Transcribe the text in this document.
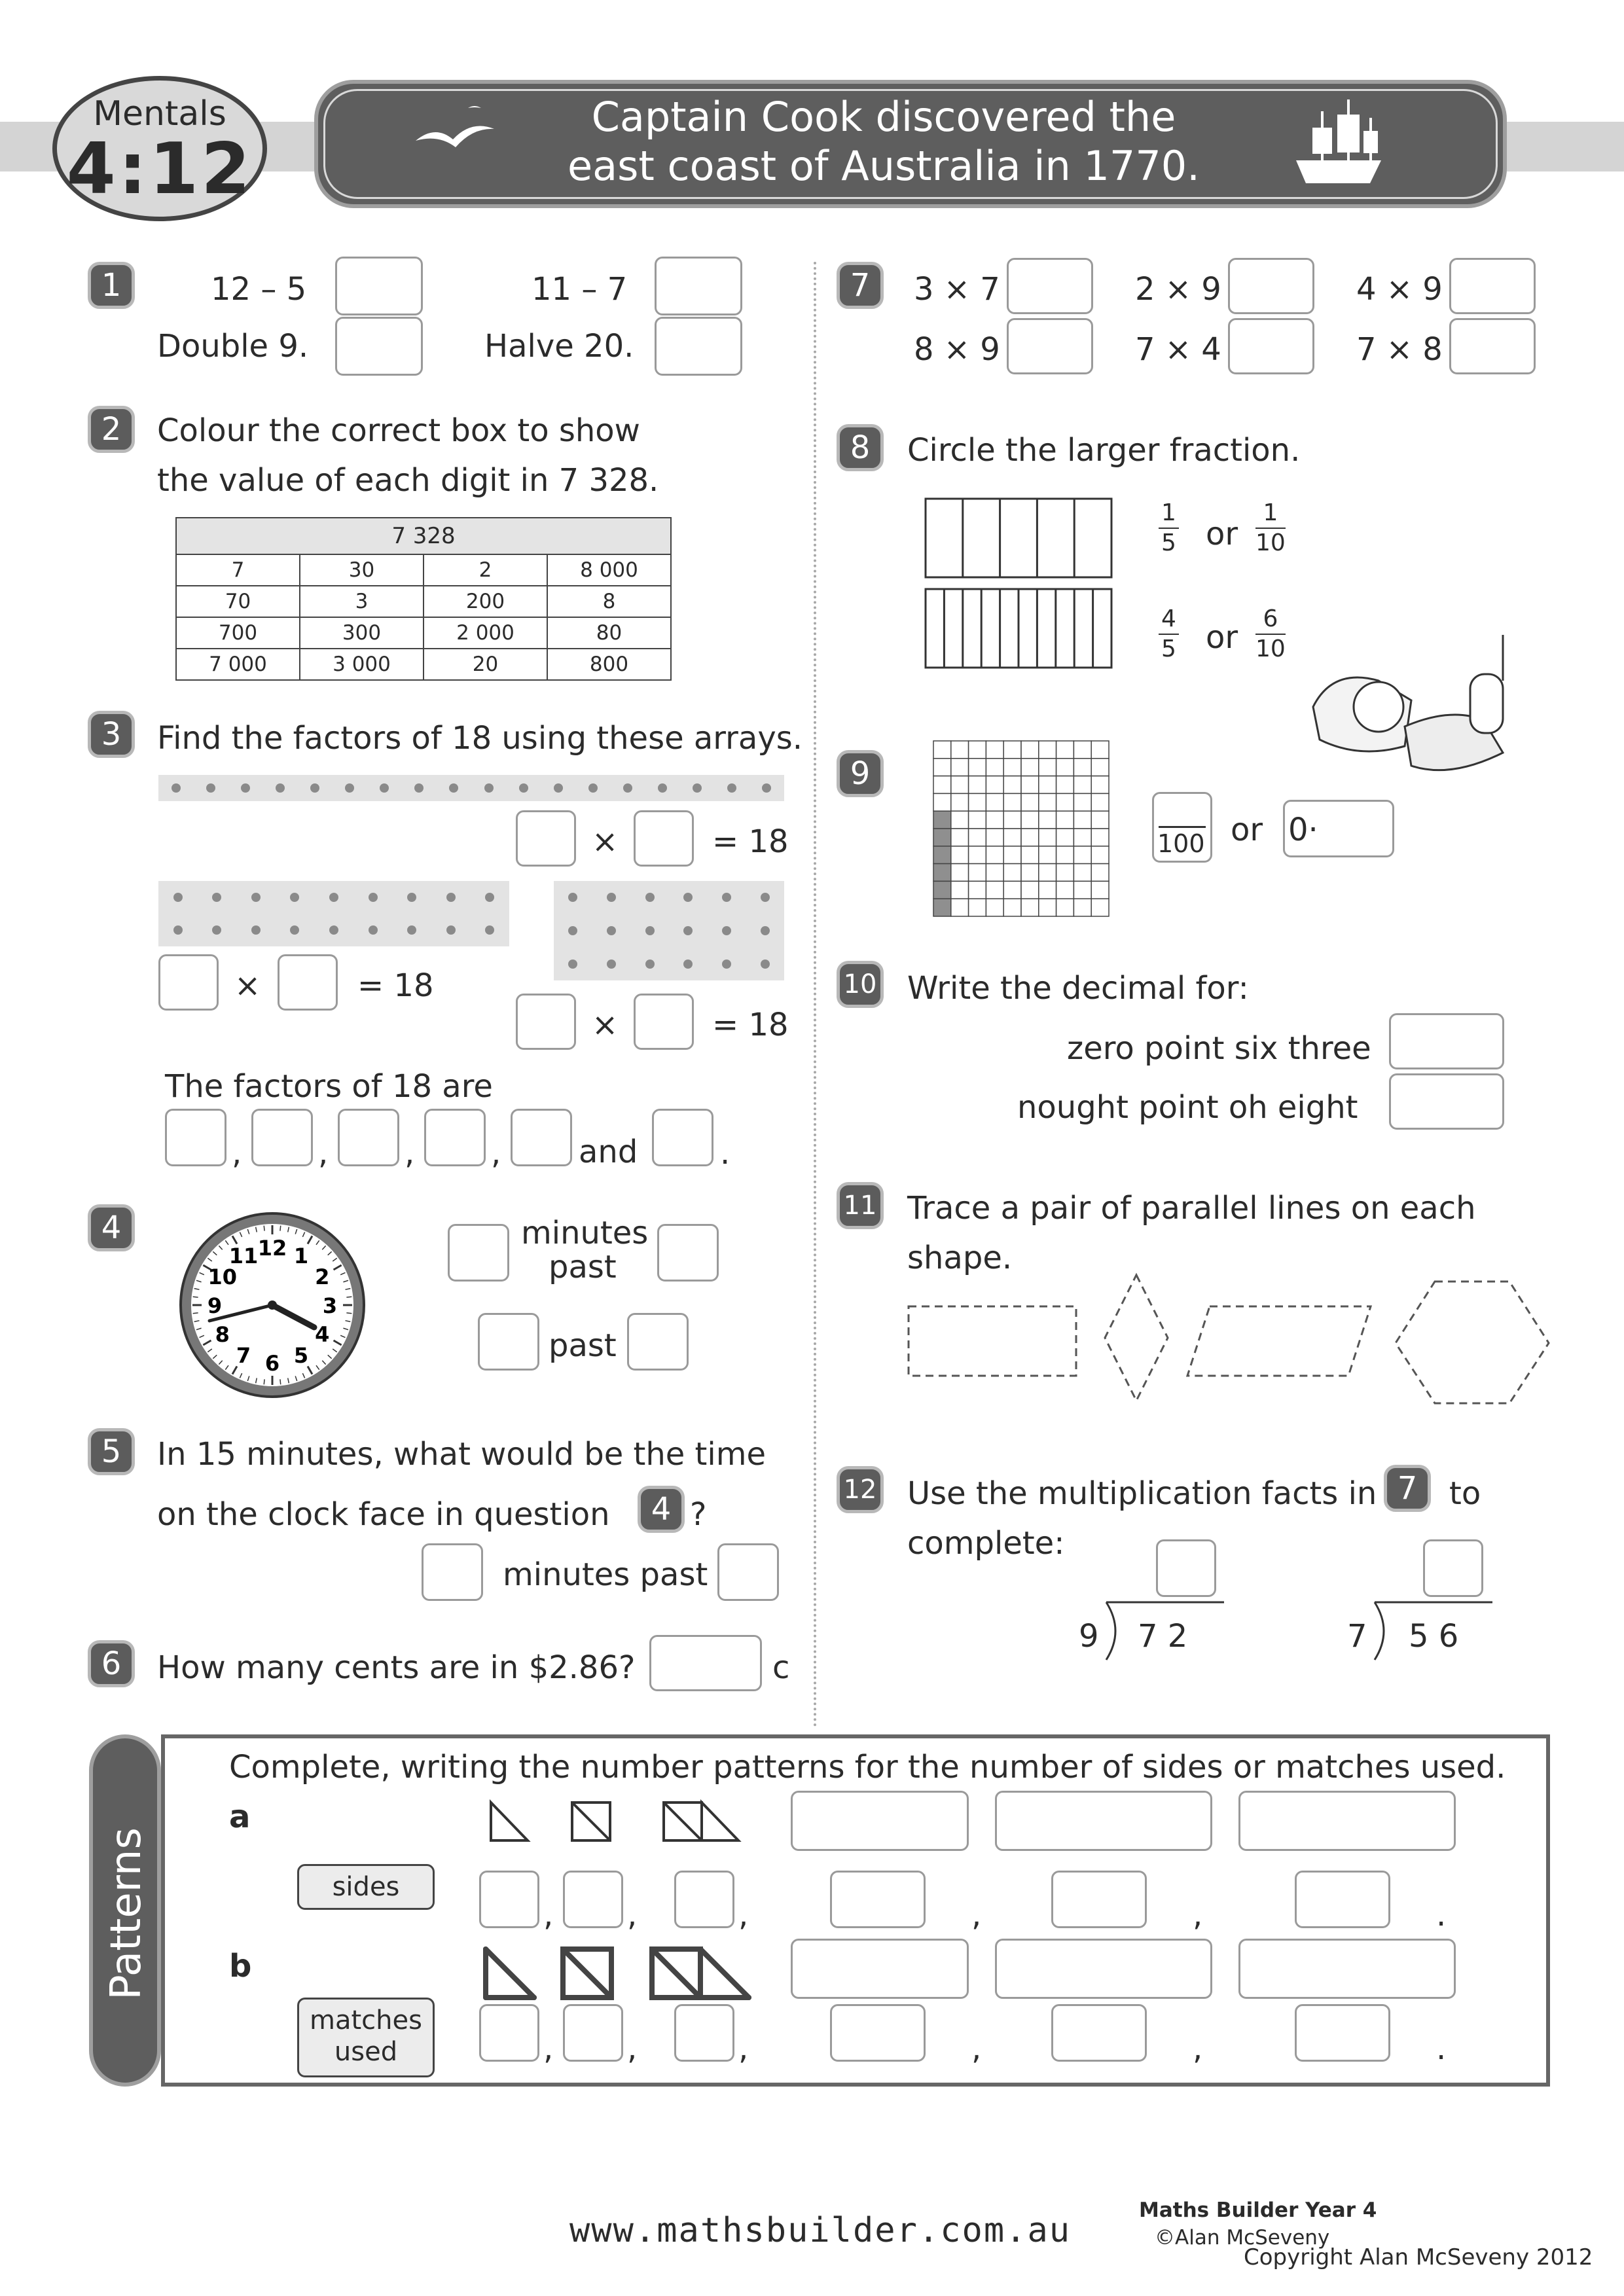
Captain Cook discovered the
east coast of Australia in 1770.
Mentals
4:12
1	12 – 5	11 – 7
Double 9.	Halve 20.
2	Colour the correct box to show
the value of each digit in 7 328.
7 328			
7	30	2	8 000
70	3	200	8
700	300	2 000	80
7 000	3 000	20	800
3	Find the factors of 18 using these arrays.
×	= 18
×	= 18
×	= 18
The factors of 18 are
, , , , and	.
4
12 1
2
3
4
5
6
7
8
9
10
11
minutes
past
past
5	In 15 minutes, what would be the time
on the clock face in question	4 ?
minutes past
6	How many cents are in $2.86?	c
7	3 × 7	2 × 9	4 × 9
8 × 9	7 × 4	7 × 8
8	Circle the larger fraction.
$\frac{1}{5}$ or $\frac{1}{10}$
$\frac{4}{5}$ or $\frac{6}{10}$
9
100 or 0·
10 Write the decimal for:
zero point six three
nought point oh eight
11 Trace a pair of parallel lines on each
shape.
12 Use the multiplication facts in 7	to
complete:
9 7 2	7 5 6
Patterns
Complete, writing the number patterns for the number of sides or matches used.
a
sides
b
matches
used
, ,	,	,	,	.
, ,	,	,	,	.
www.mathsbuilder.com.au
Maths Builder Year 4
©Alan McSeveny
Copyright Alan McSeveny 2012
